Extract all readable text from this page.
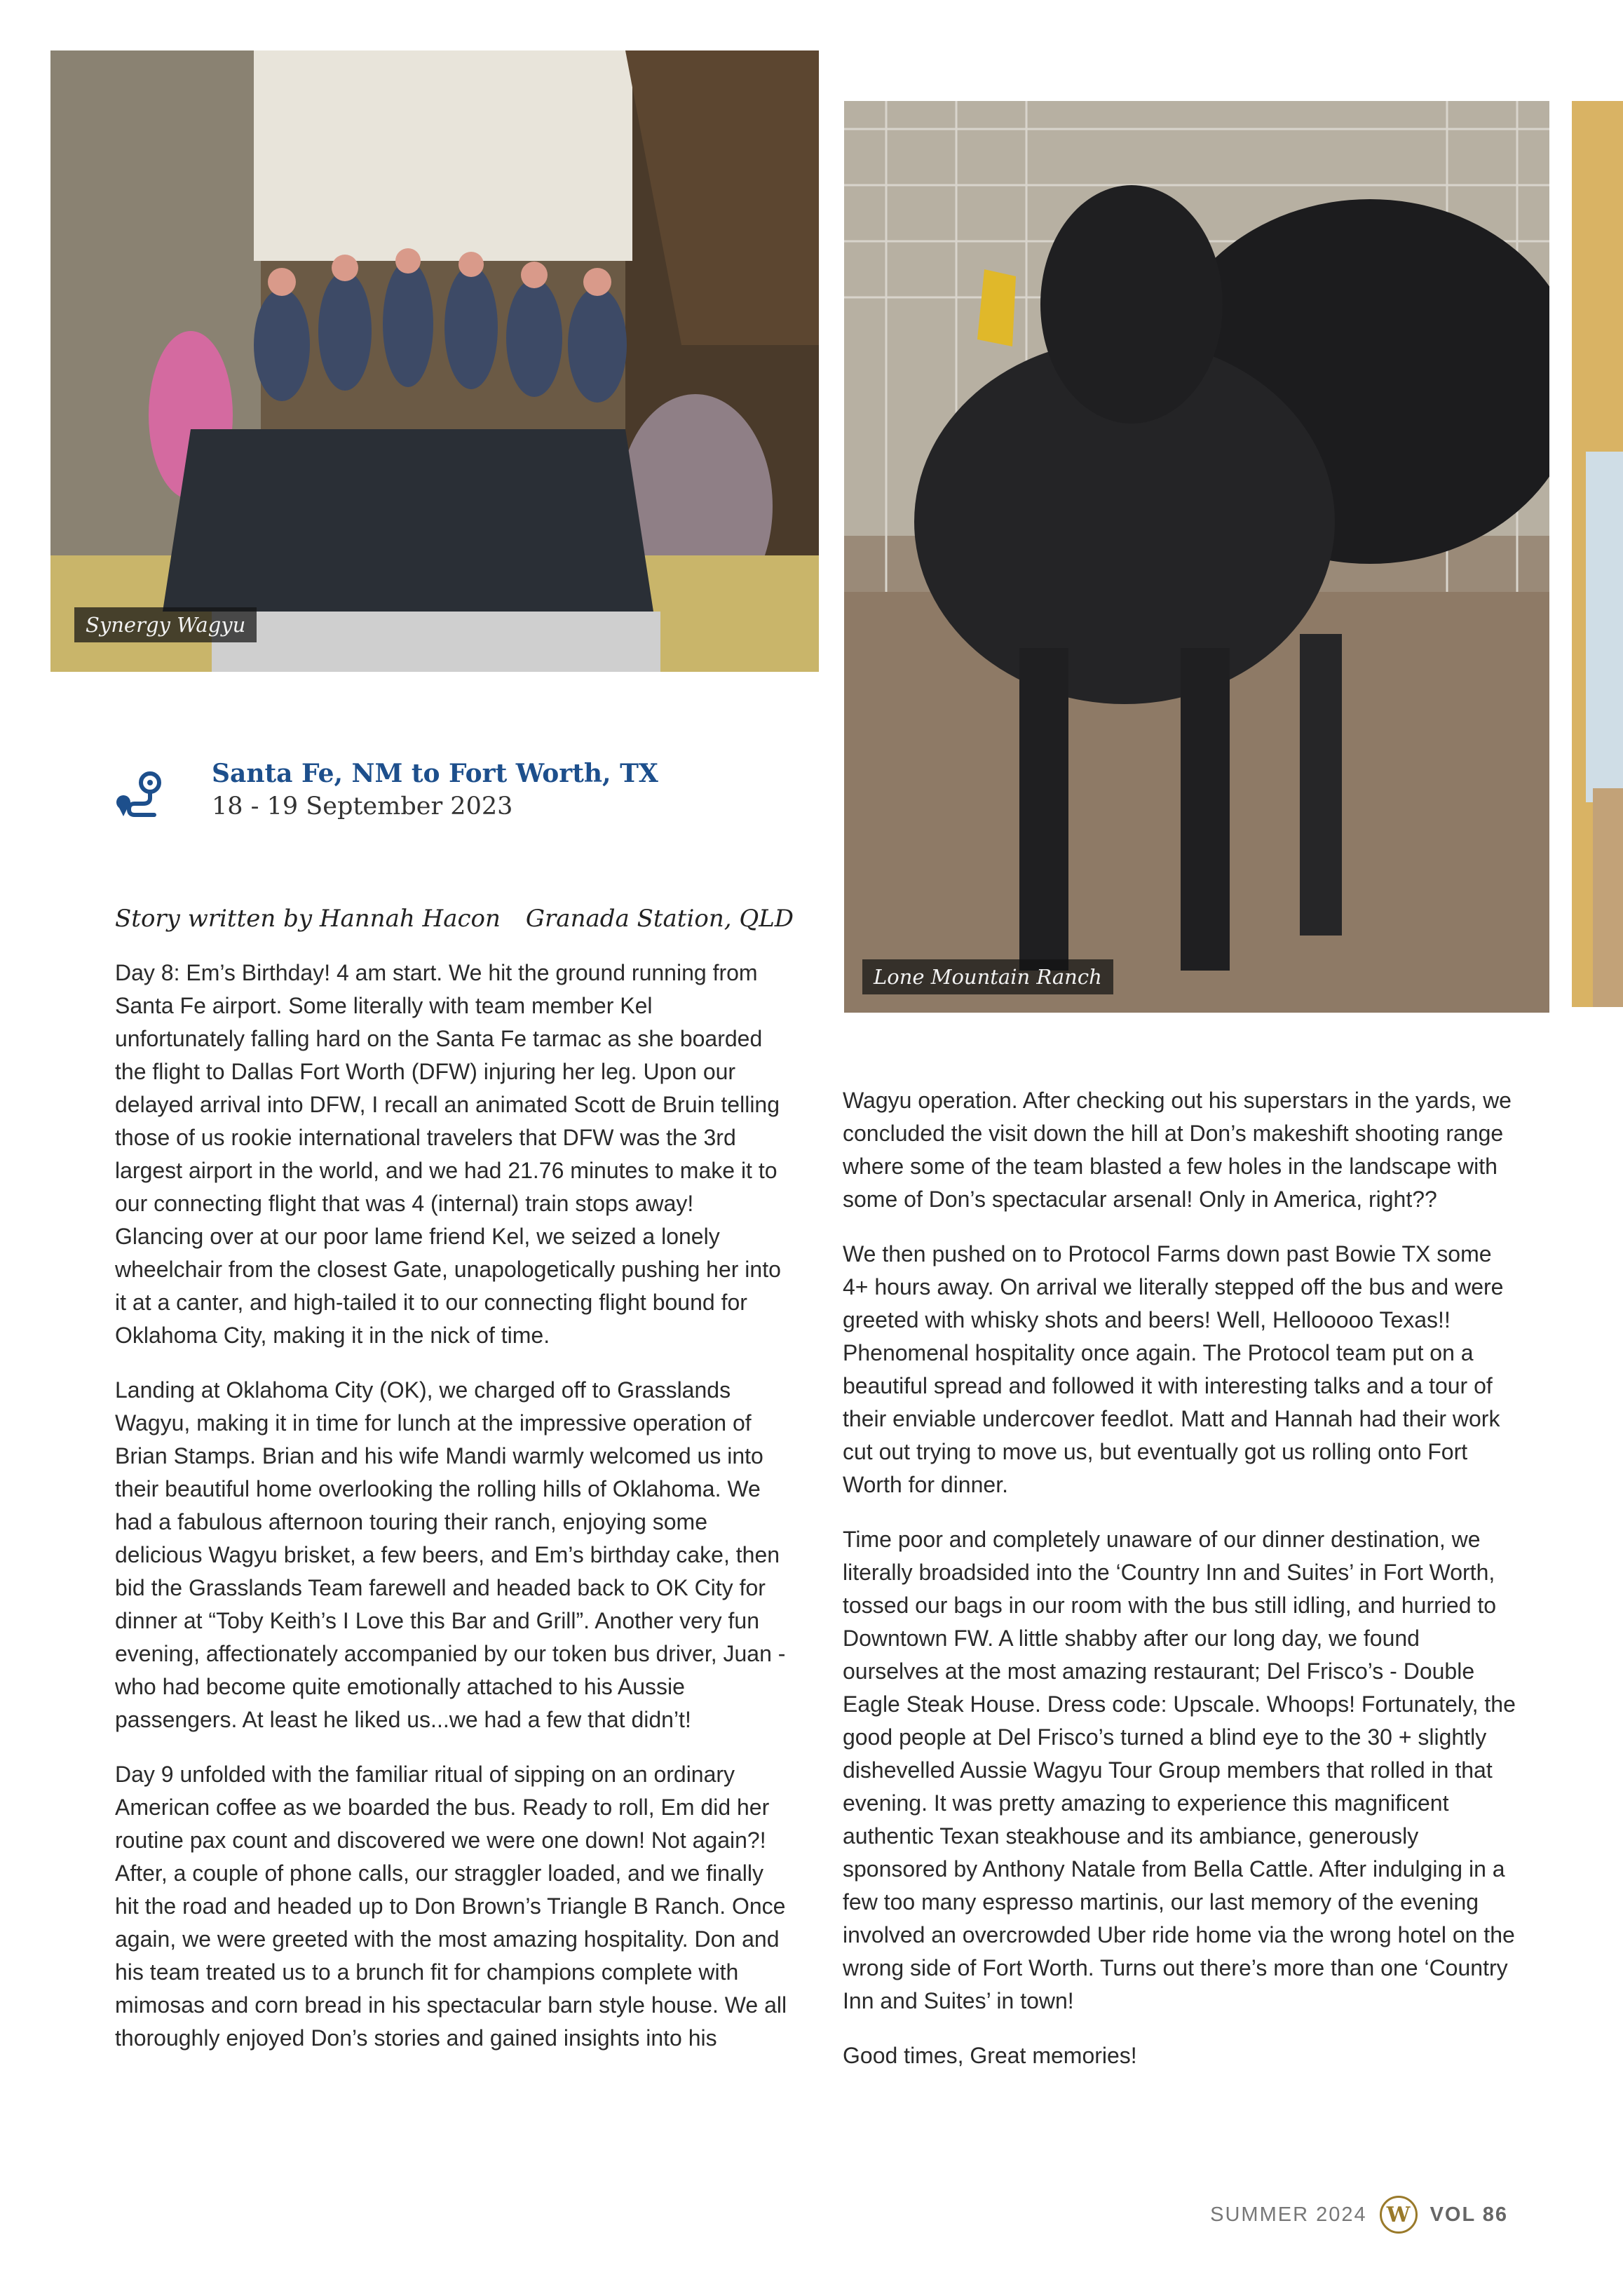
Synergy Wagyu
Lone Mountain Ranch
Santa Fe, NM to Fort Worth, TX
18 - 19 September 2023
Story written by Hannah Hacon Granada Station, QLD

Day 8: Em’s Birthday! 4 am start. We hit the ground running from Santa Fe airport. Some literally with team member Kel unfortunately falling hard on the Santa Fe tarmac as she boarded the flight to Dallas Fort Worth (DFW) injuring her leg. Upon our delayed arrival into DFW, I recall an animated Scott de Bruin telling those of us rookie international travelers that DFW was the 3rd largest airport in the world, and we had 21.76 minutes to make it to our connecting flight that was 4 (internal) train stops away! Glancing over at our poor lame friend Kel, we seized a lonely wheelchair from the closest Gate, unapologetically pushing her into it at a canter, and high-tailed it to our connecting flight bound for Oklahoma City, making it in the nick of time.

Landing at Oklahoma City (OK), we charged off to Grasslands Wagyu, making it in time for lunch at the impressive operation of Brian Stamps. Brian and his wife Mandi warmly welcomed us into their beautiful home overlooking the rolling hills of Oklahoma. We had a fabulous afternoon touring their ranch, enjoying some delicious Wagyu brisket, a few beers, and Em’s birthday cake, then bid the Grasslands Team farewell and headed back to OK City for dinner at “Toby Keith’s I Love this Bar and Grill”. Another very fun evening, affectionately accompanied by our token bus driver, Juan - who had become quite emotionally attached to his Aussie passengers. At least he liked us...we had a few that didn’t!

Day 9 unfolded with the familiar ritual of sipping on an ordinary American coffee as we boarded the bus. Ready to roll, Em did her routine pax count and discovered we were one down! Not again?! After, a couple of phone calls, our straggler loaded, and we finally hit the road and headed up to Don Brown’s Triangle B Ranch. Once again, we were greeted with the most amazing hospitality. Don and his team treated us to a brunch fit for champions complete with mimosas and corn bread in his spectacular barn style house. We all thoroughly enjoyed Don’s stories and gained insights into his

Wagyu operation. After checking out his superstars in the yards, we concluded the visit down the hill at Don’s makeshift shooting range where some of the team blasted a few holes in the landscape with some of Don’s spectacular arsenal! Only in America, right??

We then pushed on to Protocol Farms down past Bowie TX some 4+ hours away. On arrival we literally stepped off the bus and were greeted with whisky shots and beers! Well, Hellooooo Texas!! Phenomenal hospitality once again. The Protocol team put on a beautiful spread and followed it with interesting talks and a tour of their enviable undercover feedlot. Matt and Hannah had their work cut out trying to move us, but eventually got us rolling onto Fort Worth for dinner.

Time poor and completely unaware of our dinner destination, we literally broadsided into the ‘Country Inn and Suites’ in Fort Worth, tossed our bags in our room with the bus still idling, and hurried to Downtown FW. A little shabby after our long day, we found ourselves at the most amazing restaurant; Del Frisco’s - Double Eagle Steak House. Dress code: Upscale. Whoops! Fortunately, the good people at Del Frisco’s turned a blind eye to the 30 + slightly dishevelled Aussie Wagyu Tour Group members that rolled in that evening. It was pretty amazing to experience this magnificent authentic Texan steakhouse and its ambiance, generously sponsored by Anthony Natale from Bella Cattle. After indulging in a few too many espresso martinis, our last memory of the evening involved an overcrowded Uber ride home via the wrong hotel on the wrong side of Fort Worth. Turns out there’s more than one ‘Country Inn and Suites’ in town!

Good times, Great memories!

SUMMER 2024 W VOL 86
